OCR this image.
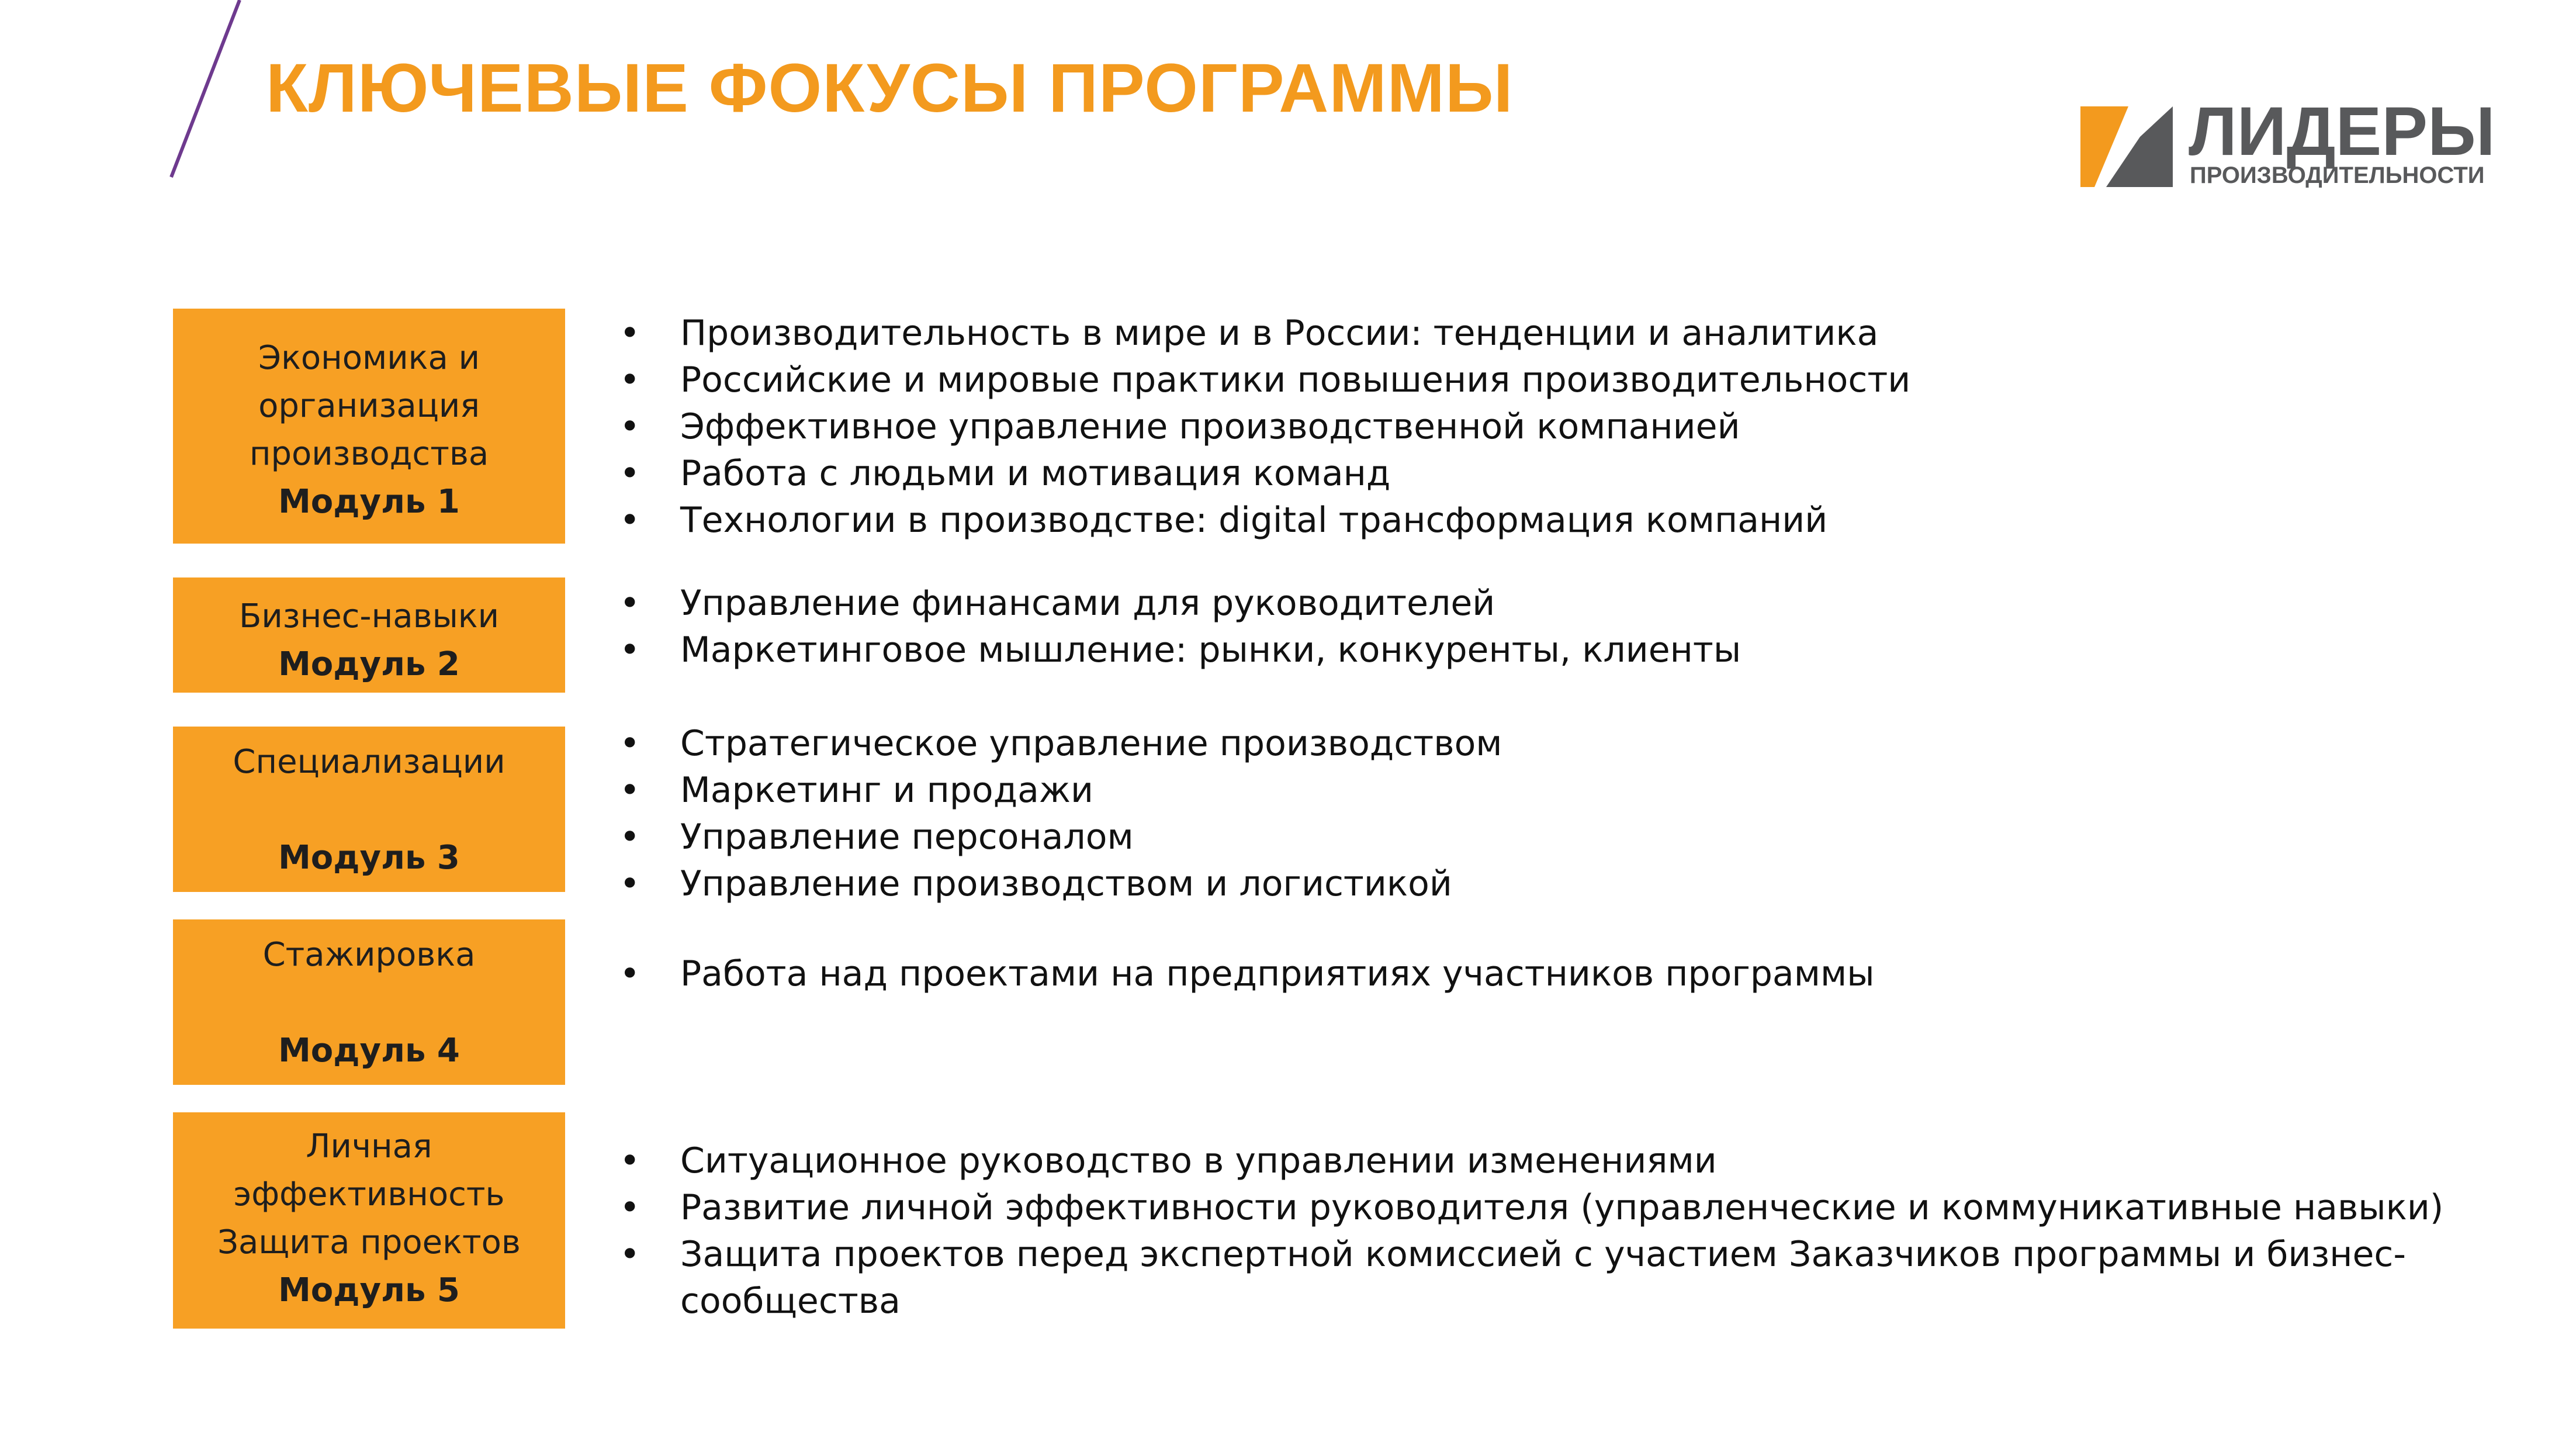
КЛЮЧЕВЫЕ ФОКУСЫ ПРОГРАММЫ
ЛИДЕРЫ
ПРОИЗВОДИТЕЛЬНОСТИ
Экономика и
организация
производства
Модуль 1
• Производительность в мире и в России: тенденции и аналитика
• Российские и мировые практики повышения производительности
• Эффективное управление производственной компанией
• Работа с людьми и мотивация команд
• Технологии в производстве: digital трансформация компаний
Бизнес-навыки
Модуль 2
• Управление финансами для руководителей
• Маркетинговое мышление: рынки, конкуренты, клиенты
Специализации
Модуль 3
• Стратегическое управление производством
• Маркетинг и продажи
• Управление персоналом
• Управление производством и логистикой
Стажировка
Модуль 4
• Работа над проектами на предприятиях участников программы
Личная
эффективность
Защита проектов
Модуль 5
• Ситуационное руководство в управлении изменениями
• Развитие личной эффективности руководителя (управленческие и коммуникативные навыки)
• Защита проектов перед экспертной комиссией с участием Заказчиков программы и бизнес-сообщества
